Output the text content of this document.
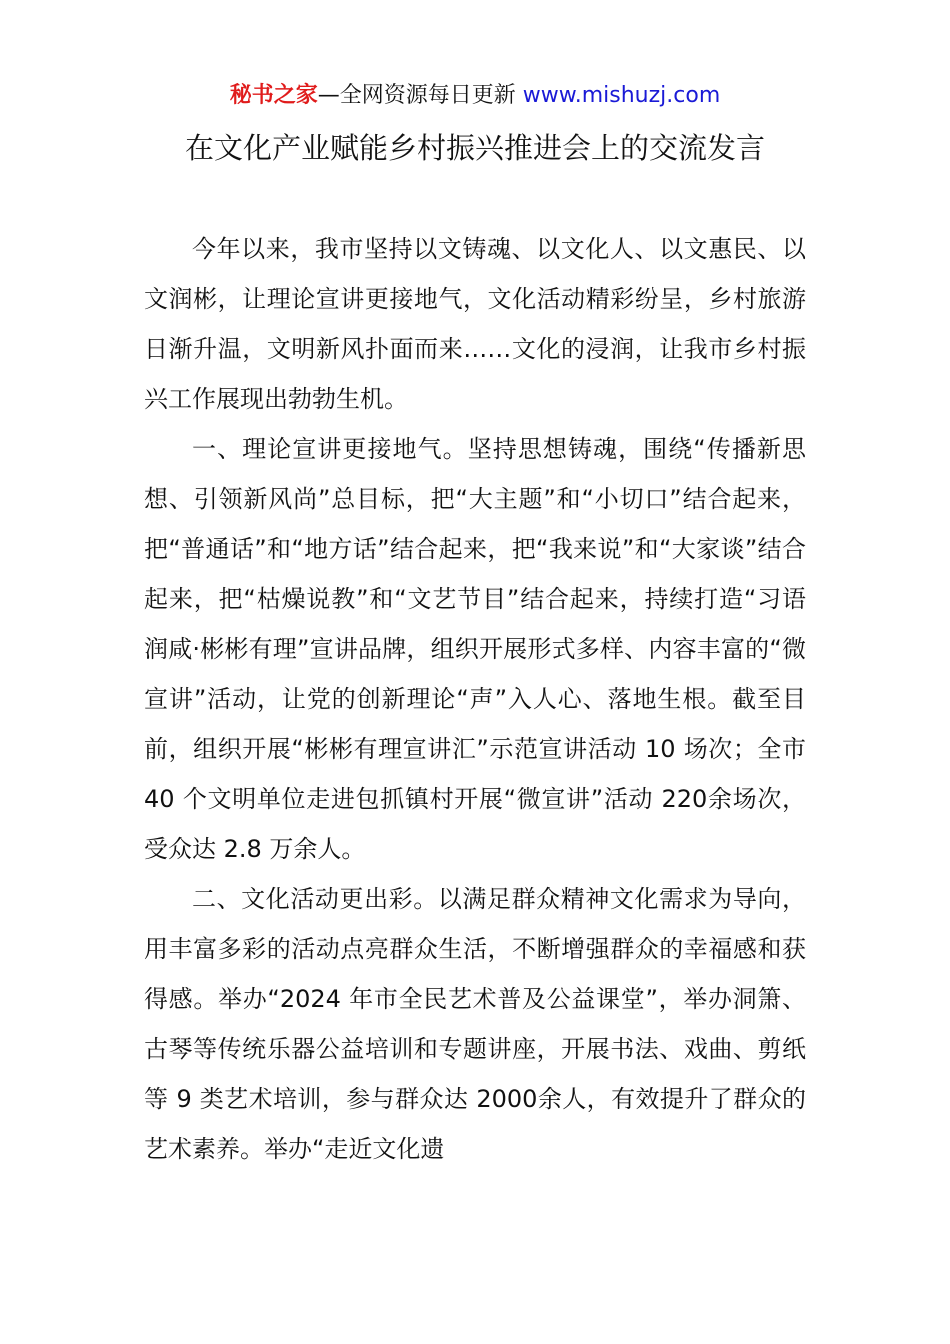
秘书之家—全网资源每日更新 www.mishuzj.com
在文化产业赋能乡村振兴推进会上的交流发言

今年以来，我市坚持以文铸魂、以文化人、以文惠民、以文润彬，让理论宣讲更接地气，文化活动精彩纷呈，乡村旅游日渐升温，文明新风扑面而来……文化的浸润，让我市乡村振兴工作展现出勃勃生机。

一、理论宣讲更接地气。坚持思想铸魂，围绕“传播新思想、引领新风尚”总目标，把“大主题”和“小切口”结合起来，把“普通话”和“地方话”结合起来，把“我来说”和“大家谈”结合起来，把“枯燥说教”和“文艺节目”结合起来，持续打造“习语润咸·彬彬有理”宣讲品牌，组织开展形式多样、内容丰富的“微宣讲”活动，让党的创新理论“声”入人心、落地生根。截至目前，组织开展“彬彬有理宣讲汇”示范宣讲活动 10 场次；全市 40 个文明单位走进包抓镇村开展“微宣讲”活动 220余场次，受众达 2.8 万余人。

二、文化活动更出彩。以满足群众精神文化需求为导向，用丰富多彩的活动点亮群众生活，不断增强群众的幸福感和获得感。举办“2024 年市全民艺术普及公益课堂”，举办洞箫、古琴等传统乐器公益培训和专题讲座，开展书法、戏曲、剪纸等 9 类艺术培训，参与群众达 2000余人，有效提升了群众的艺术素养。举办“走近文化遗
